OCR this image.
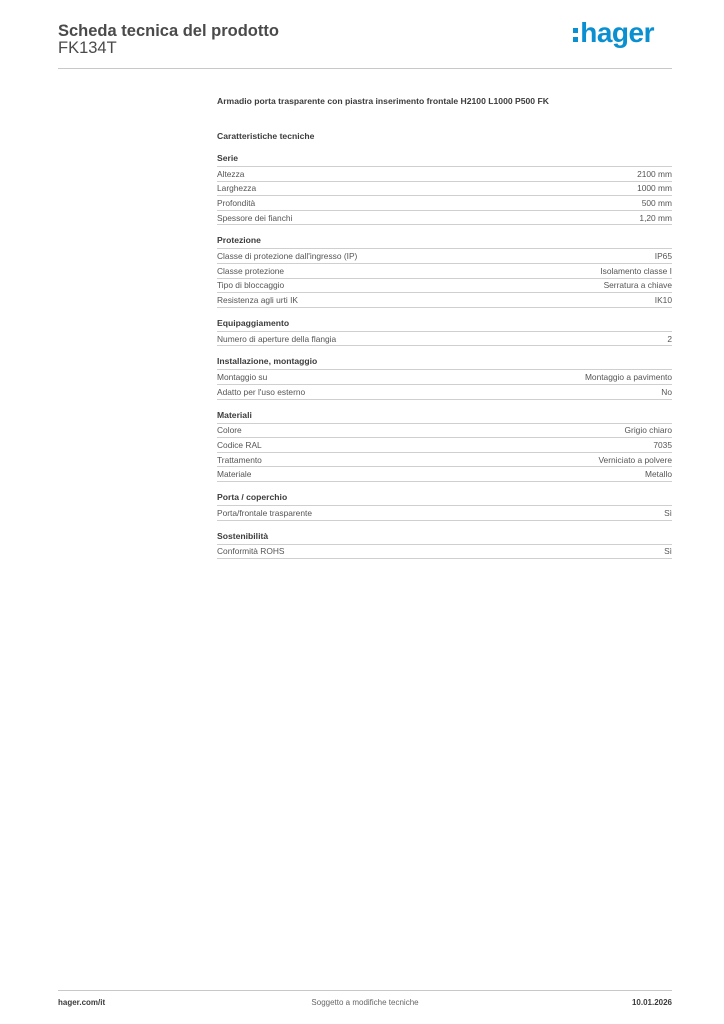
Scheda tecnica del prodotto
FK134T	hager
Armadio porta trasparente con piastra inserimento frontale H2100 L1000 P500 FK
Caratteristiche tecniche
Serie
Altezza	2100 mm
Larghezza	1000 mm
Profondità	500 mm
Spessore dei fianchi	1,20 mm
Protezione
Classe di protezione dall'ingresso (IP)	IP65
Classe protezione	Isolamento classe I
Tipo di bloccaggio	Serratura a chiave
Resistenza agli urti IK	IK10
Equipaggiamento
Numero di aperture della flangia	2
Installazione, montaggio
Montaggio su	Montaggio a pavimento
Adatto per l'uso esterno	No
Materiali
Colore	Grigio chiaro
Codice RAL	7035
Trattamento	Verniciato a polvere
Materiale	Metallo
Porta / coperchio
Porta/frontale trasparente	Sì
Sostenibilità
Conformità ROHS	Sì
hager.com/it	Soggetto a modifiche tecniche	10.01.2026
